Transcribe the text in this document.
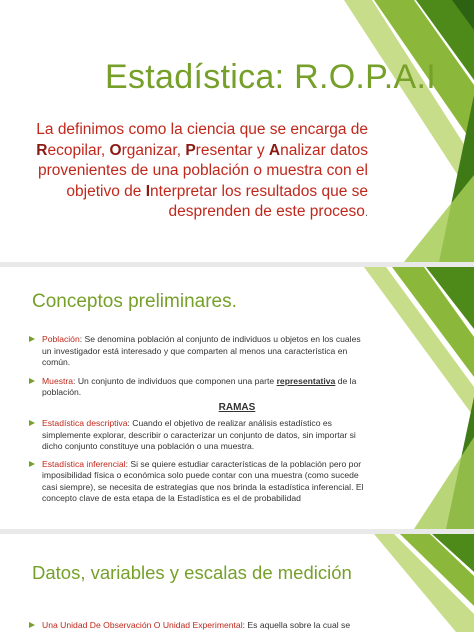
Estadística: R.O.P.A.I
La definimos como la ciencia que se encarga de Recopilar, Organizar, Presentar y Analizar datos provenientes de una población o muestra con el objetivo de Interpretar los resultados que se desprenden de este proceso.
Conceptos preliminares.
Población: Se denomina población al conjunto de individuos u objetos en los cuales un investigador está interesado y que comparten al menos una característica en común.
Muestra: Un conjunto de individuos que componen una parte representativa de la población.
RAMAS
Estadística descriptiva: Cuando el objetivo de realizar análisis estadístico es simplemente explorar, describir o caracterizar un conjunto de datos, sin importar si dicho conjunto constituye una población o una muestra.
Estadística inferencial: Si se quiere estudiar características de la población pero por imposibilidad física o económica solo puede contar con una muestra (como sucede casi siempre), se necesita de estrategias que nos brinda la estadística inferencial. El concepto clave de esta etapa de la Estadística es el de probabilidad
Datos, variables y escalas de medición
Una Unidad De Observación O Unidad Experimental: Es aquella sobre la cual se
